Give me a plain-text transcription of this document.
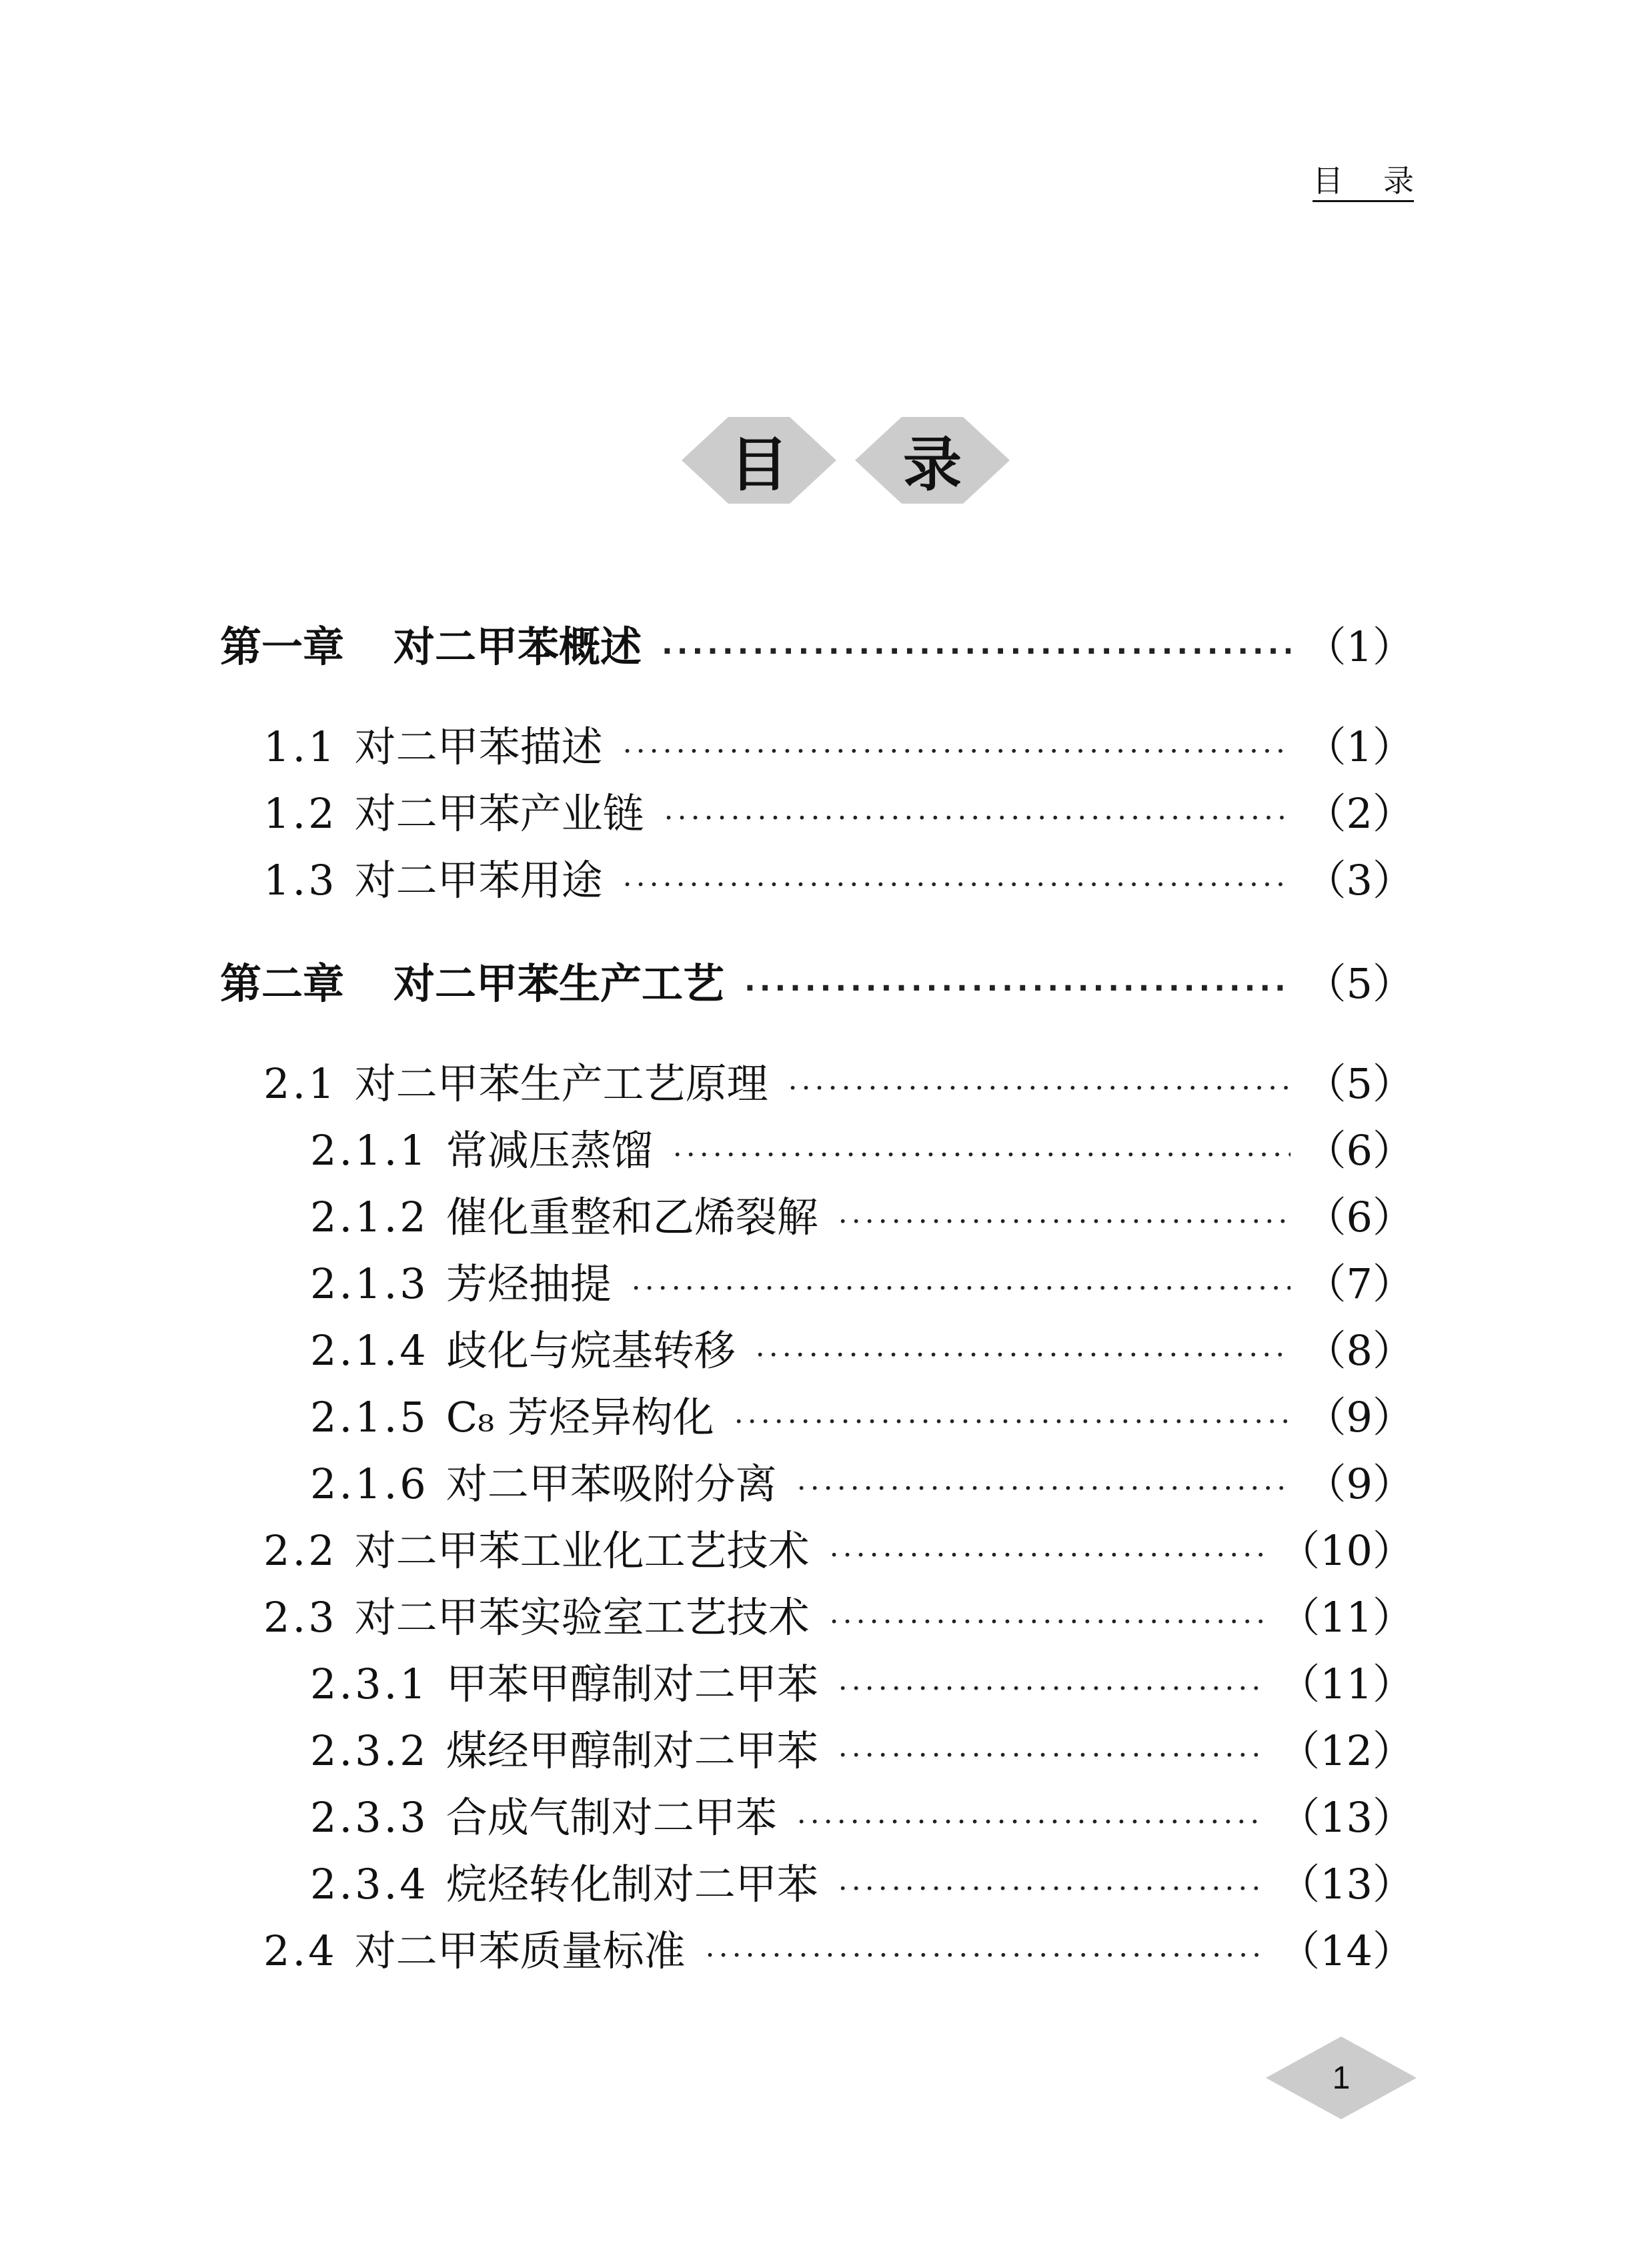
目 录
目	录
第一章 对二甲苯概述 ·····	（1）
1.1 对二甲苯描述 ·····	（1）
1.2 对二甲苯产业链 ·····	（2）
1.3 对二甲苯用途 ·····	（3）
第二章 对二甲苯生产工艺 ·····	（5）
2.1 对二甲苯生产工艺原理 ·····	（5）
2.1.1 常减压蒸馏 ·····	（6）
2.1.2 催化重整和乙烯裂解 ·····	（6）
2.1.3 芳烃抽提 ·····	（7）
2.1.4 歧化与烷基转移 ·····	（8）
2.1.5 C₈ 芳烃异构化 ·····	（9）
2.1.6 对二甲苯吸附分离 ·····	（9）
2.2 对二甲苯工业化工艺技术 ·····	（10）
2.3 对二甲苯实验室工艺技术 ·····	（11）
2.3.1 甲苯甲醇制对二甲苯 ·····	（11）
2.3.2 煤经甲醇制对二甲苯 ·····	（12）
2.3.3 合成气制对二甲苯 ·····	（13）
2.3.4 烷烃转化制对二甲苯 ·····	（13）
2.4 对二甲苯质量标准 ·····	（14）
1
